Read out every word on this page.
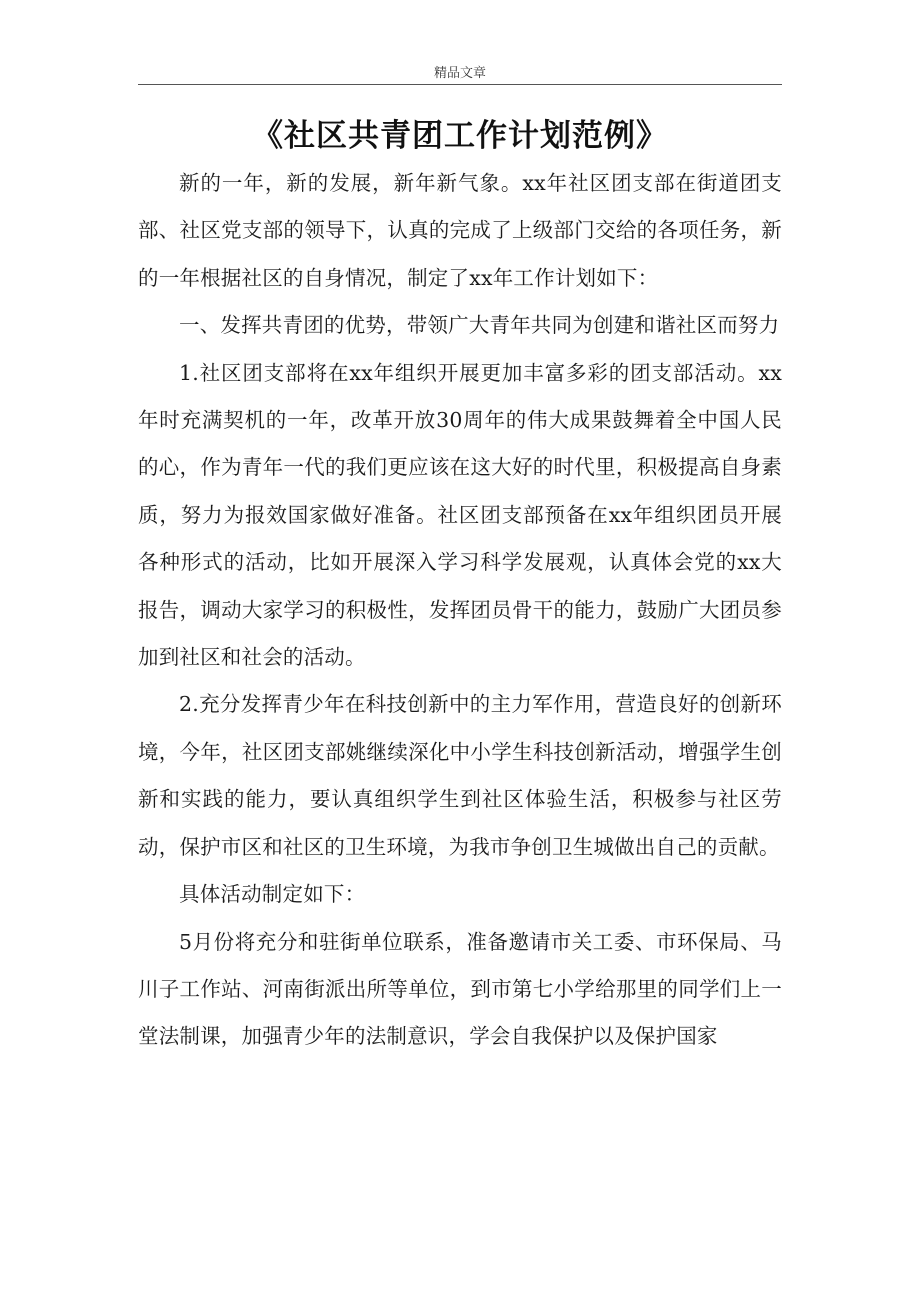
精品文章
《社区共青团工作计划范例》

新的一年，新的发展，新年新气象。xx年社区团支部在街道团支部、社区党支部的领导下，认真的完成了上级部门交给的各项任务，新的一年根据社区的自身情况，制定了xx年工作计划如下：

一、发挥共青团的优势，带领广大青年共同为创建和谐社区而努力

1.社区团支部将在xx年组织开展更加丰富多彩的团支部活动。xx年时充满契机的一年，改革开放30周年的伟大成果鼓舞着全中国人民的心，作为青年一代的我们更应该在这大好的时代里，积极提高自身素质，努力为报效国家做好准备。社区团支部预备在xx年组织团员开展各种形式的活动，比如开展深入学习科学发展观，认真体会党的xx大报告，调动大家学习的积极性，发挥团员骨干的能力，鼓励广大团员参加到社区和社会的活动。

2.充分发挥青少年在科技创新中的主力军作用，营造良好的创新环境，今年，社区团支部姚继续深化中小学生科技创新活动，增强学生创新和实践的能力，要认真组织学生到社区体验生活，积极参与社区劳动，保护市区和社区的卫生环境，为我市争创卫生城做出自己的贡献。

具体活动制定如下：

5月份将充分和驻街单位联系，准备邀请市关工委、市环保局、马川子工作站、河南街派出所等单位，到市第七小学给那里的同学们上一堂法制课，加强青少年的法制意识，学会自我保护以及保护国家
